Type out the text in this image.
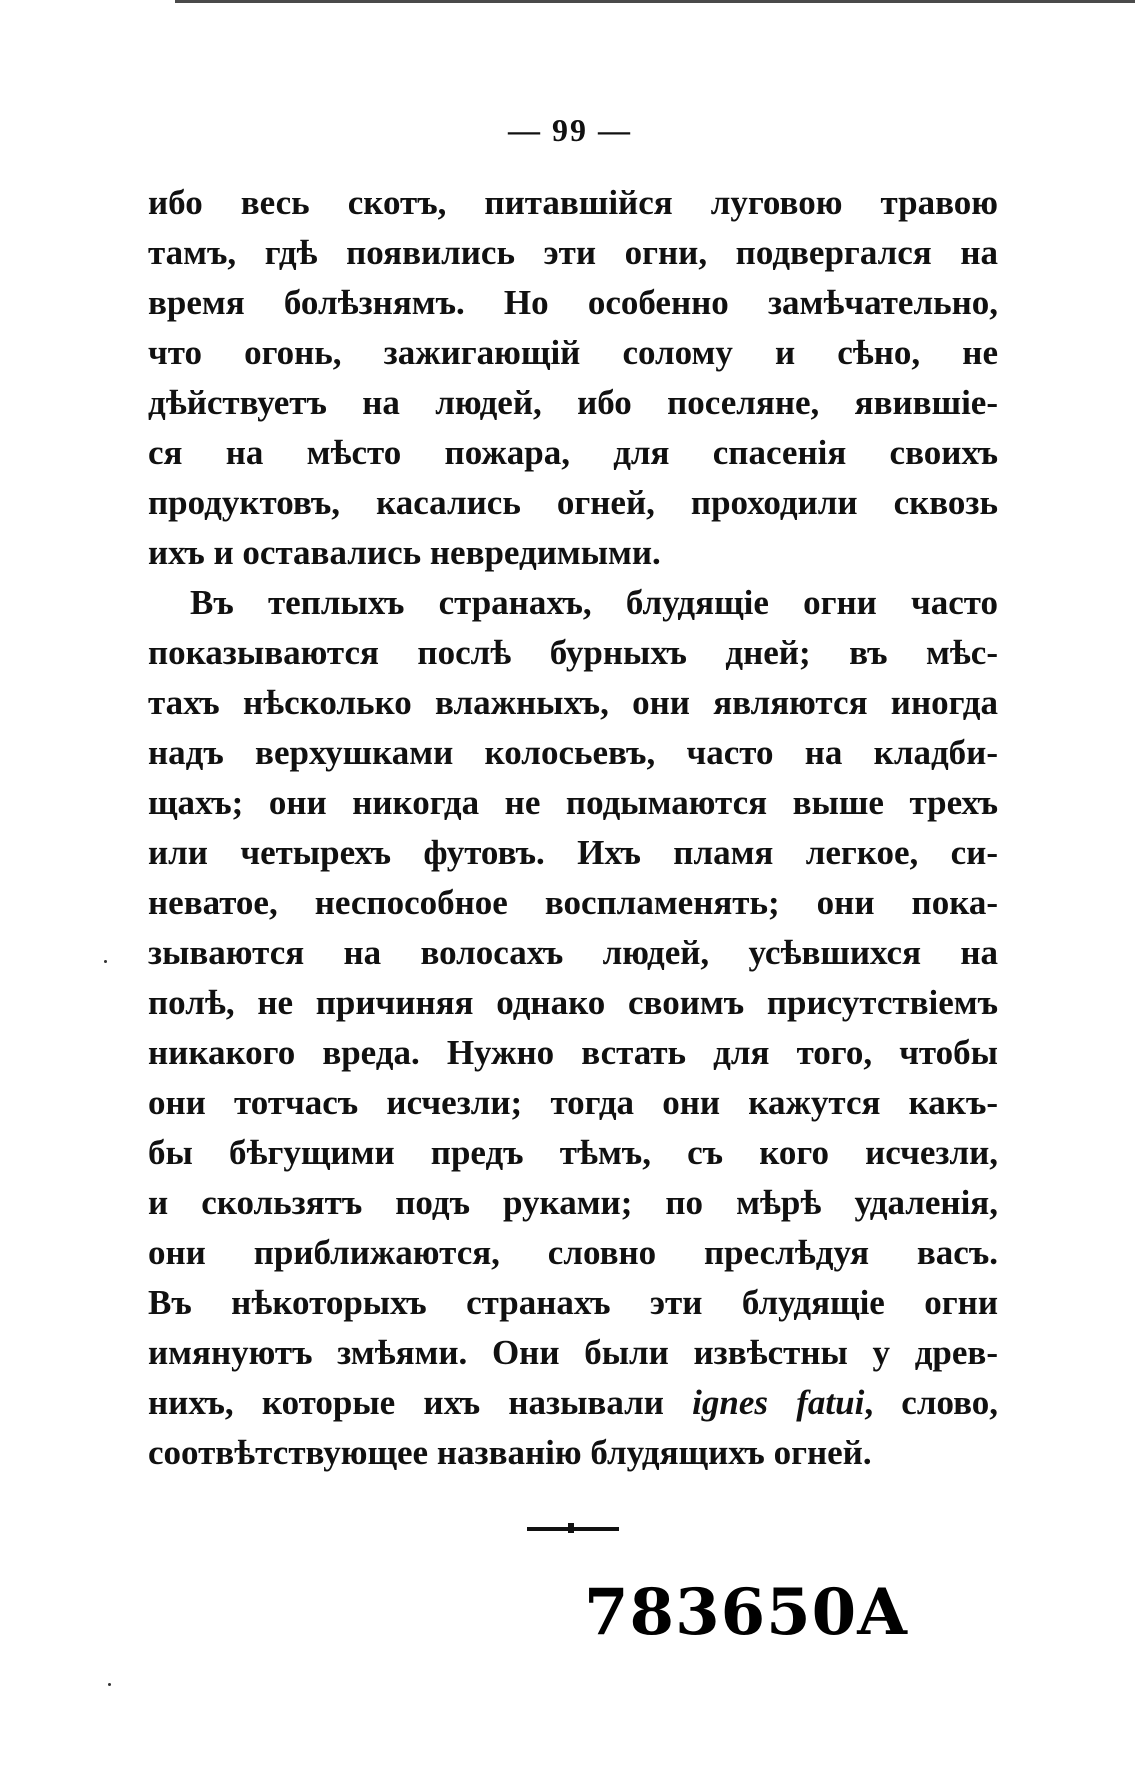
— 99 —
ибо весь скотъ, питавшійся луговою травою
тамъ, гдѣ появились эти огни, подвергался на
время болѣзнямъ. Но особенно замѣчательно,
что огонь, зажигающій солому и сѣно, не
дѣйствуетъ на людей, ибо поселяне, явившіе-
ся на мѣсто пожара, для спасенія своихъ
продуктовъ, касались огней, проходили сквозь
ихъ и оставались невредимыми.
Въ теплыхъ странахъ, блудящіе огни часто
показываются послѣ бурныхъ дней; въ мѣс-
тахъ нѣсколько влажныхъ, они являются иногда
надъ верхушками колосьевъ, часто на кладби-
щахъ; они никогда не подымаются выше трехъ
или четырехъ футовъ. Ихъ пламя легкое, си-
неватое, неспособное воспламенять; они пока-
зываются на волосахъ людей, усѣвшихся на
полѣ, не причиняя однако своимъ присутствіемъ
никакого вреда. Нужно встать для того, чтобы
они тотчасъ исчезли; тогда они кажутся какъ-
бы бѣгущими предъ тѣмъ, съ кого исчезли,
и скользятъ подъ руками; по мѣрѣ удаленія,
они приближаются, словно преслѣдуя васъ.
Въ нѣкоторыхъ странахъ эти блудящіе огни
имянуютъ змѣями. Они были извѣстны у древ-
нихъ, которые ихъ называли ignes fatui, слово,
соотвѣтствующее названію блудящихъ огней.
783650A
